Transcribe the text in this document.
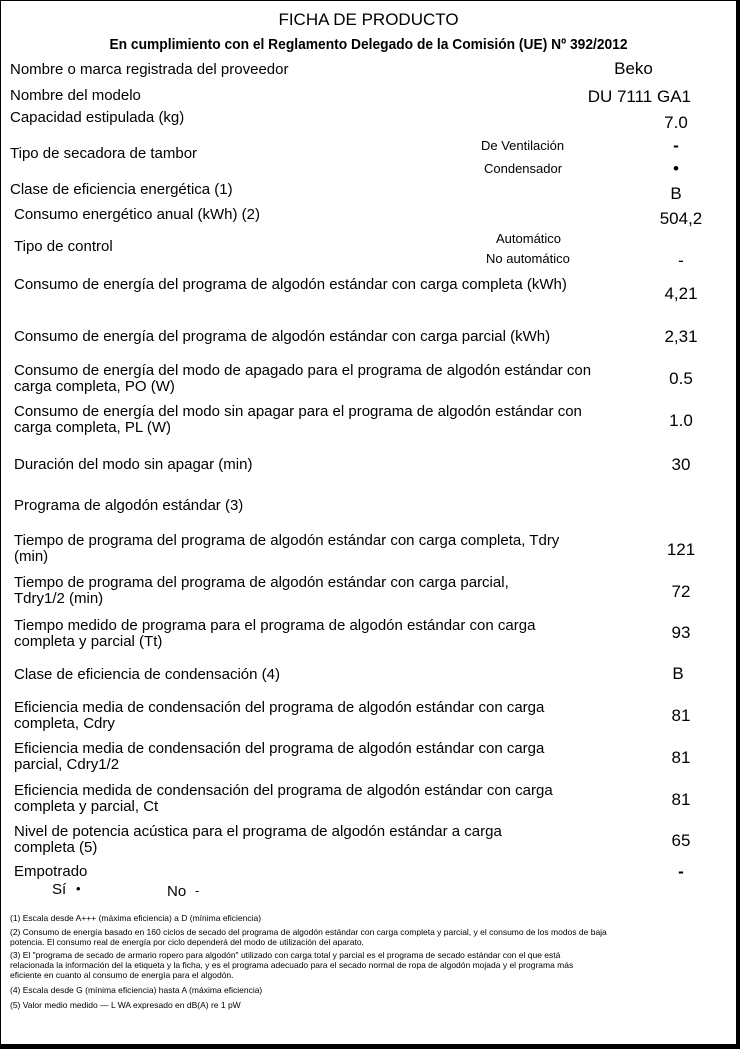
FICHA DE PRODUCTO
En cumplimiento con el Reglamento Delegado de la Comisión (UE) Nº 392/2012
Nombre o marca registrada del proveedor	Beko
Nombre del modelo	DU 7111 GA1
Capacidad estipulada (kg)	7.0
Tipo de secadora de tambor	De Ventilación	-
Condensador	•
Clase de eficiencia energética (1)	B
Consumo energético anual (kWh) (2)	504,2
Tipo de control	Automático
No automático	-
Consumo de energía del programa de algodón estándar con carga completa (kWh)	4,21
Consumo de energía del programa de algodón estándar con carga parcial (kWh)	2,31
Consumo de energía del modo de apagado para el programa de algodón estándar con carga completa, PO (W)	0.5
Consumo de energía del modo sin apagar para el programa de algodón estándar con carga completa, PL (W)	1.0
Duración del modo sin apagar (min)	30
Programa de algodón estándar (3)
Tiempo de programa del programa de algodón estándar con carga completa, Tdry (min)	121
Tiempo de programa del programa de algodón estándar con carga parcial, Tdry1/2 (min)	72
Tiempo medido de programa para el programa de algodón estándar con carga completa y parcial (Tt)	93
Clase de eficiencia de condensación (4)	B
Eficiencia media de condensación del programa de algodón estándar con carga completa, Cdry	81
Eficiencia media de condensación del programa de algodón estándar con carga parcial, Cdry1/2	81
Eficiencia medida de condensación del programa de algodón estándar con carga completa y parcial, Ct	81
Nivel de potencia acústica para el programa de algodón estándar a carga completa (5)	65
Empotrado	-
Sí •	No -
(1) Escala desde A+++ (máxima eficiencia) a D (mínima eficiencia)
(2) Consumo de energía basado en 160 ciclos de secado del programa de algodón estándar con carga completa y parcial, y el consumo de los modos de baja potencia. El consumo real de energía por ciclo dependerá del modo de utilización del aparato.
(3) El "programa de secado de armario ropero para algodón" utilizado con carga total y parcial es el programa de secado estándar con el que está relacionada la información del la etiqueta y la ficha, y es el programa adecuado para el secado normal de ropa de algodón mojada y el programa más eficiente en cuanto al consumo de energía para el algodón.
(4) Escala desde G (mínima eficiencia) hasta A (máxima eficiencia)
(5) Valor medio medido — L WA expresado en dB(A) re 1 pW
